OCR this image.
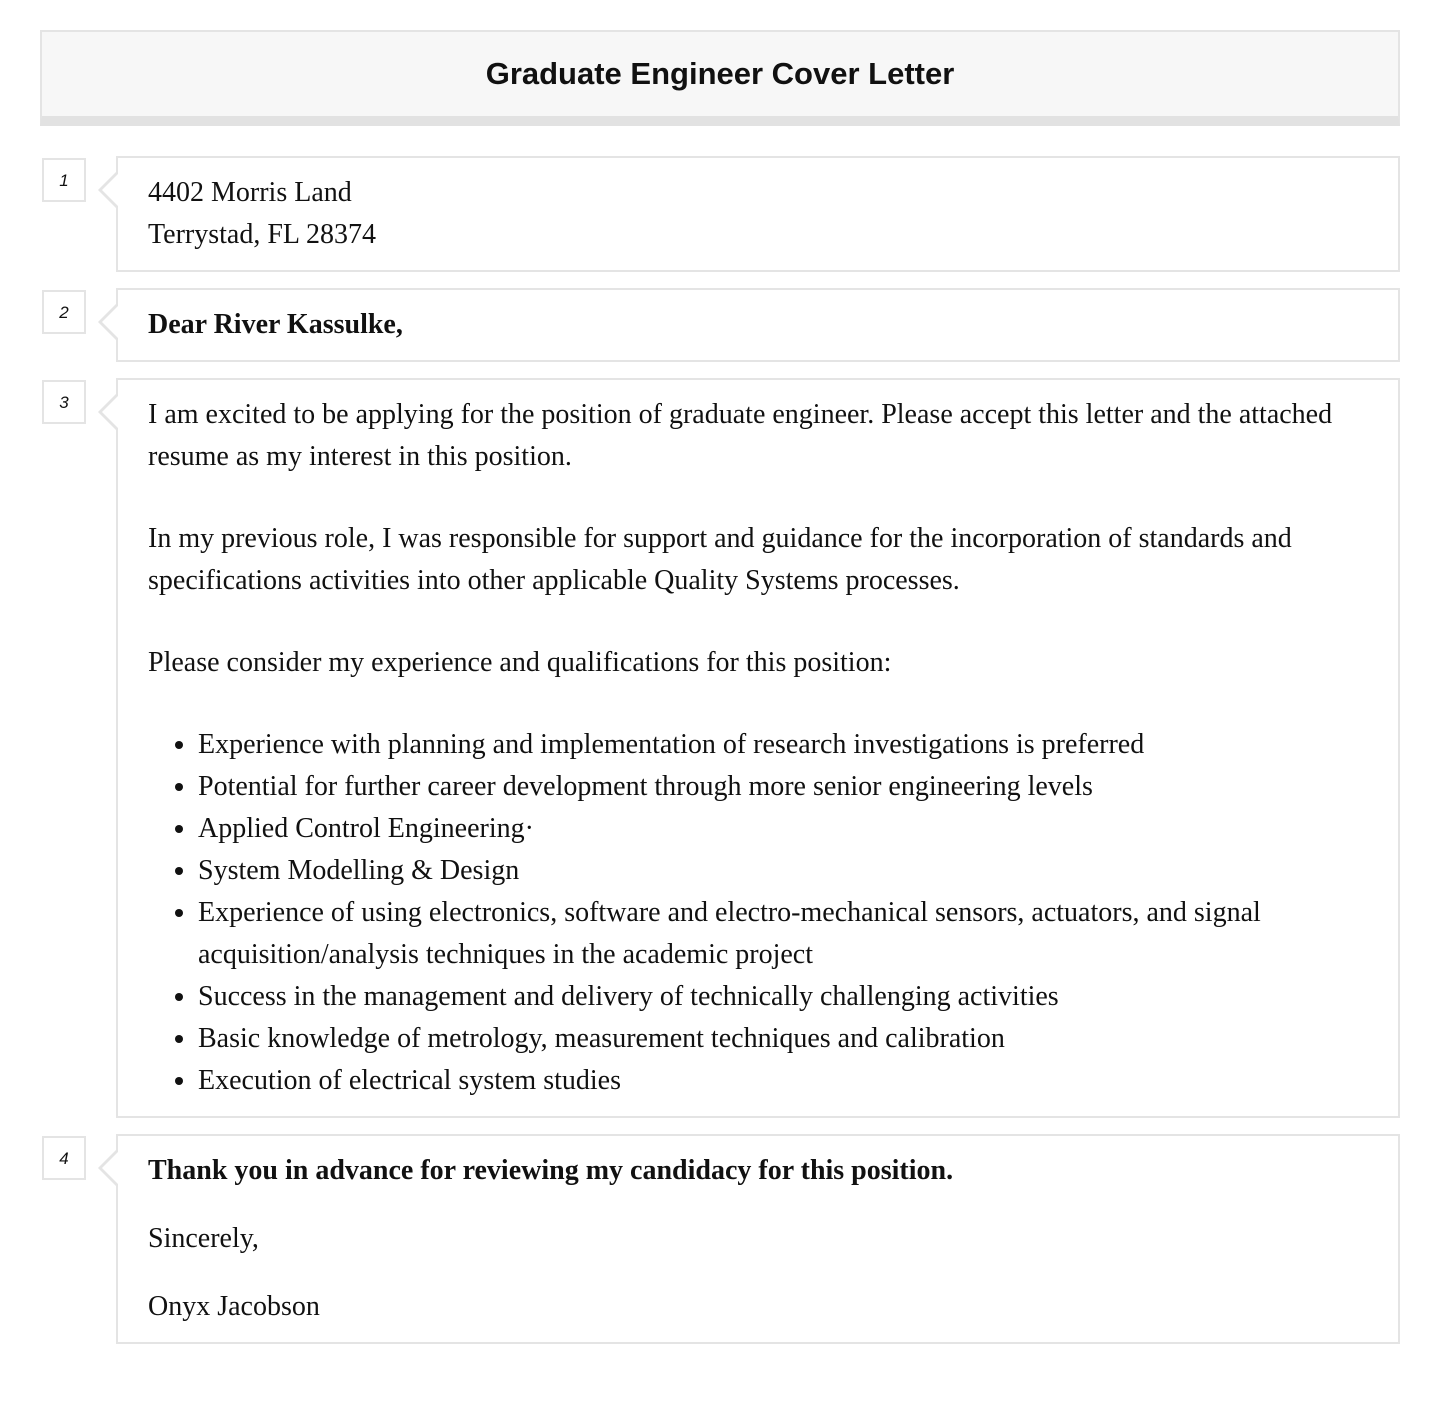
Graduate Engineer Cover Letter
1	4402 Morris Land

Terrystad, FL 28374

2	Dear River Kassulke,

3	I am excited to be applying for the position of graduate engineer. Please accept this letter and the attached resume as my interest in this position.

In my previous role, I was responsible for support and guidance for the incorporation of standards and specifications activities into other applicable Quality Systems processes.

Please consider my experience and qualifications for this position:

• Experience with planning and implementation of research investigations is preferred
• Potential for further career development through more senior engineering levels
• Applied Control Engineering·
• System Modelling & Design
• Experience of using electronics, software and electro-mechanical sensors, actuators, and signal acquisition/analysis techniques in the academic project
• Success in the management and delivery of technically challenging activities
• Basic knowledge of metrology, measurement techniques and calibration
• Execution of electrical system studies
4	Thank you in advance for reviewing my candidacy for this position.

Sincerely,

Onyx Jacobson
